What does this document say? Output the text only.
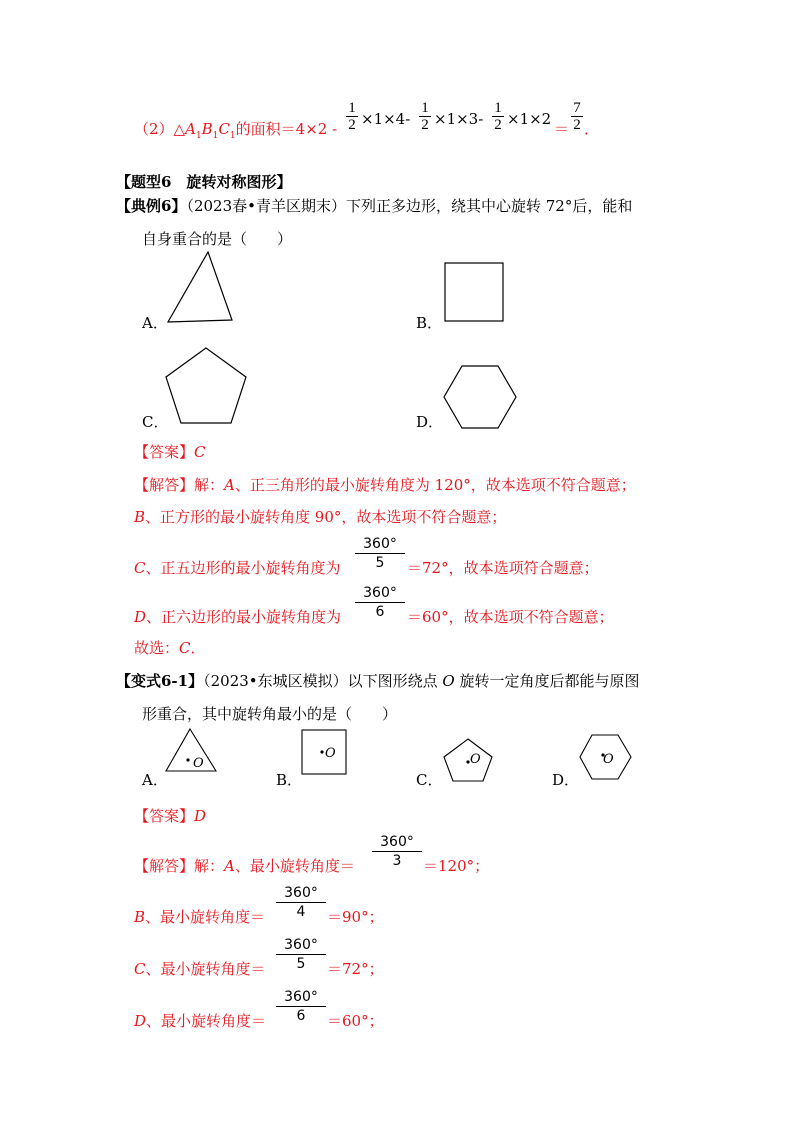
$(2)\triangle A_1B_1C_1$的面积＝4×2 -
1
2 ×1×4-
1
2 ×1×3-
1
2 ×1×2
＝
7
2 ．
【题型6　旋转对称图形】
【典例6】（2023春•青羊区期末）下列正多边形，绕其中心旋转 72°后，能和
自身重合的是（　　）
A．	B．
C．	D．
【答案】C
【解答】解：A、正三角形的最小旋转角度为 120°，故本选项不符合题意；
B、正方形的最小旋转角度 90°，故本选项不符合题意；
C、正五边形的最小旋转角度为
360°
5	＝72°，故本选项符合题意；
D、正六边形的最小旋转角度为
360°
6	＝60°，故本选项不符合题意；
故选：C．
【变式6-1】（2023•东城区模拟）以下图形绕点 O 旋转一定角度后都能与原图
形重合，其中旋转角最小的是（　　）
O
A．
O
B．
O
C．
O
D．
【答案】D
【解答】解：A、最小旋转角度＝
360°
3	＝120°；
B、最小旋转角度＝
360°
4	＝90°；
C、最小旋转角度＝
360°
5	＝72°；
D、最小旋转角度＝
360°
6	＝60°；
